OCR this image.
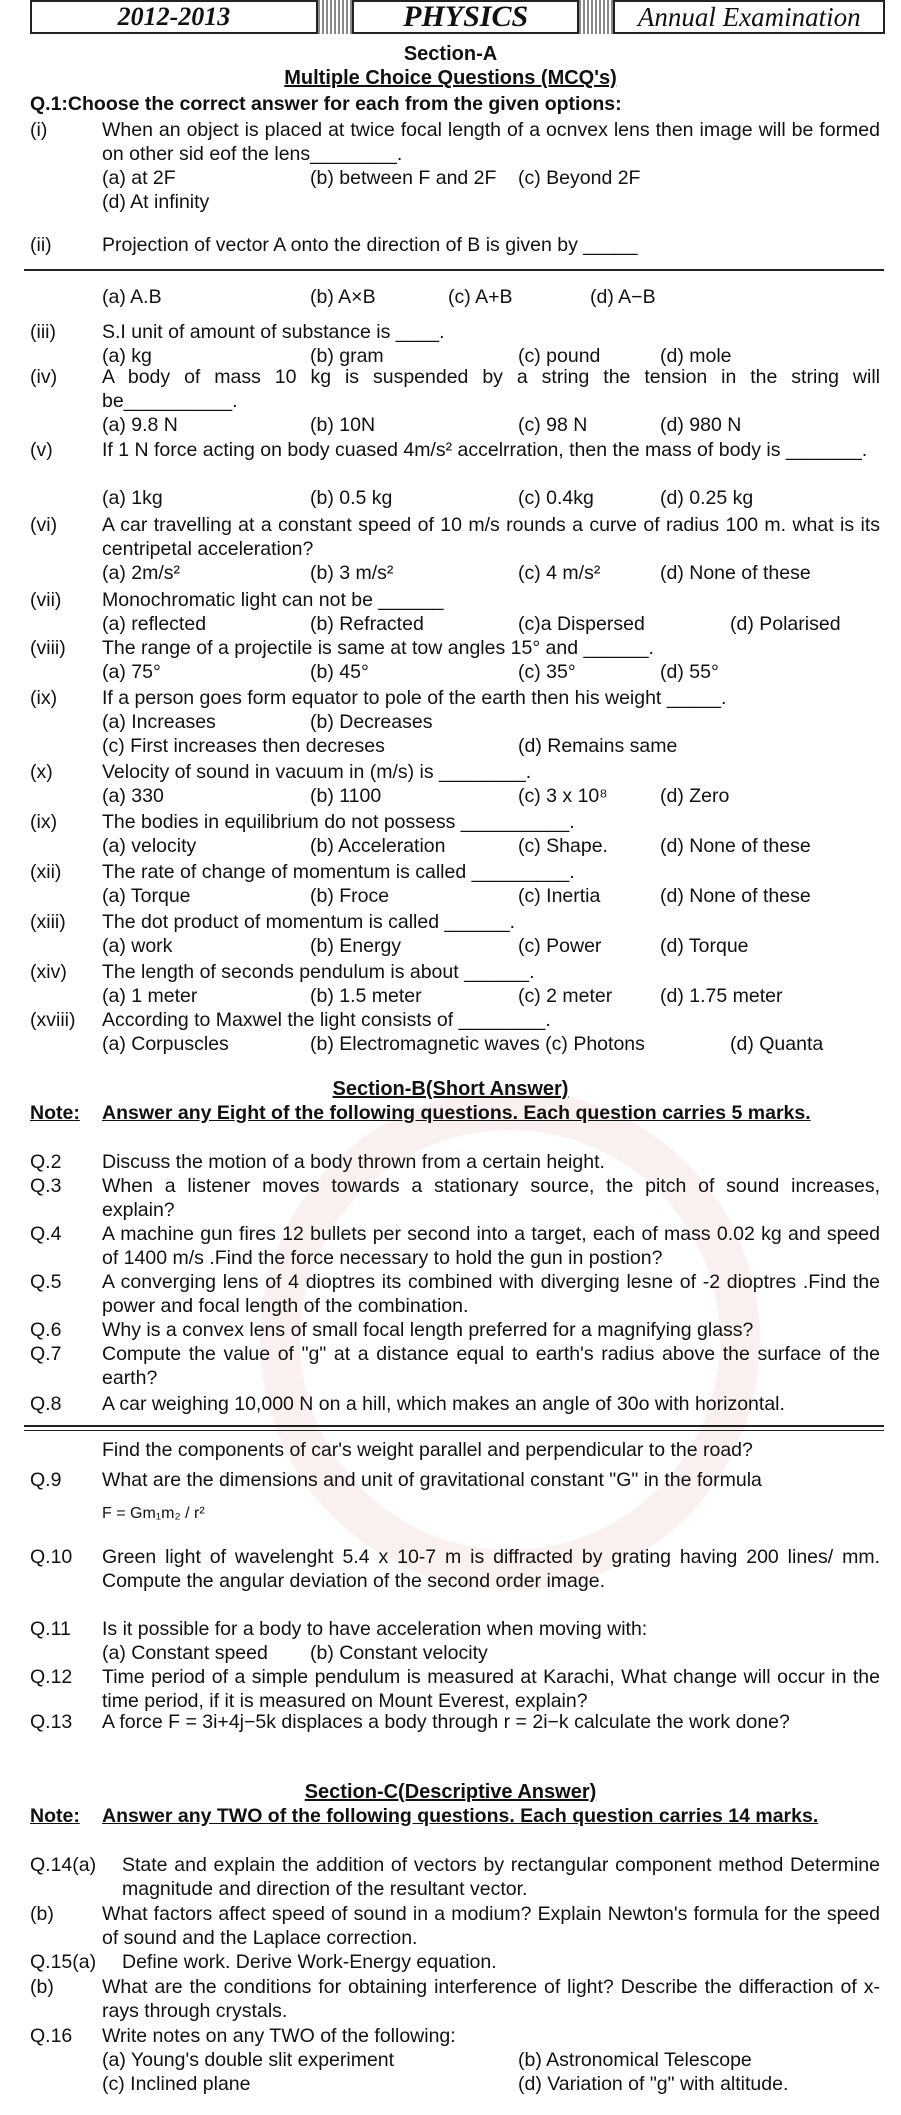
2012-2013	PHYSICS	Annual Examination
Section-A
Multiple Choice Questions (MCQ's)
Q.1:Choose the correct answer for each from the given options:
(i)	When an object is placed at twice focal length of a ocnvex lens then image will be formed on other sid eof the lens________.
(a) at 2F	(b) between F and 2F (c) Beyond 2F
(d) At infinity
(ii)	Projection of vector A onto the direction of B is given by _____
(a) A.B	(b) A×B	(c) A+B	(d) A−B
(iii) S.I unit of amount of substance is ____.
(a) kg	(b) gram	(c) pound	(d) mole
(iv) A body of mass 10 kg is suspended by a string the tension in the string will be__________.
(a) 9.8 N	(b) 10N	(c) 98 N	(d) 980 N
(v)	If 1 N force acting on body cuased 4m/s² accelrration, then the mass of body is _______.
(a) 1kg	(b) 0.5 kg	(c) 0.4kg	(d) 0.25 kg
(vi) A car travelling at a constant speed of 10 m/s rounds a curve of radius 100 m. what is its centripetal acceleration?
(a) 2m/s²	(b) 3 m/s²	(c) 4 m/s²	(d) None of these
(vii) Monochromatic light can not be ______
(a) reflected	(b) Refracted	(c)a Dispersed	(d) Polarised
(viii) The range of a projectile is same at tow angles 15° and ______.
(a) 75°	(b) 45°	(c) 35°	(d) 55°
(ix) If a person goes form equator to pole of the earth then his weight _____.
(a) Increases	(b) Decreases
(c) First increases then decreses	(d) Remains same
(x)	Velocity of sound in vacuum in (m/s) is ________.
(a) 330	(b) 1100	(c) 3 x 10⁸	(d) Zero
(ix) The bodies in equilibrium do not possess __________.
(a) velocity	(b) Acceleration	(c) Shape.	(d) None of these
(xii) The rate of change of momentum is called _________.
(a) Torque	(b) Froce	(c) Inertia	(d) None of these
(xiii) The dot product of momentum is called ______.
(a) work	(b) Energy	(c) Power	(d) Torque
(xiv) The length of seconds pendulum is about ______.
(a) 1 meter	(b) 1.5 meter	(c) 2 meter (d) 1.75 meter
(xviii) According to Maxwel the light consists of ________.
(a) Corpuscles	(b) Electromagnetic waves (c) Photons	(d) Quanta
Section-B(Short Answer)
Note: Answer any Eight of the following questions. Each question carries 5 marks.
Q.2 Discuss the motion of a body thrown from a certain height.
Q.3 When a listener moves towards a stationary source, the pitch of sound increases, explain?
Q.4 A machine gun fires 12 bullets per second into a target, each of mass 0.02 kg and speed of 1400 m/s .Find the force necessary to hold the gun in postion?
Q.5 A converging lens of 4 dioptres its combined with diverging lesne of -2 dioptres .Find the power and focal length of the combination.
Q.6 Why is a convex lens of small focal length preferred for a magnifying glass?
Q.7 Compute the value of "g" at a distance equal to earth's radius above the surface of the earth?
Q.8 A car weighing 10,000 N on a hill, which makes an angle of 30o with horizontal.
Find the components of car's weight parallel and perpendicular to the road?
Q.9 What are the dimensions and unit of gravitational constant "G" in the formula
F = Gm₁m₂ / r²
Q.10 Green light of wavelenght 5.4 x 10-7 m is diffracted by grating having 200 lines/ mm. Compute the angular deviation of the second order image.
Q.11 Is it possible for a body to have acceleration when moving with:
(a) Constant speed (b) Constant velocity
Q.12 Time period of a simple pendulum is measured at Karachi, What change will occur in the time period, if it is measured on Mount Everest, explain?
Q.13 A force F = 3i+4j−5k displaces a body through r = 2i−k calculate the work done?
Section-C(Descriptive Answer)
Note: Answer any TWO of the following questions. Each question carries 14 marks.
Q.14(a) State and explain the addition of vectors by rectangular component method Determine magnitude and direction of the resultant vector.
(b) What factors affect speed of sound in a modium? Explain Newton's formula for the speed of sound and the Laplace correction.
Q.15(a) Define work. Derive Work-Energy equation.
(b) What are the conditions for obtaining interference of light? Describe the differaction of x-rays through crystals.
Q.16 Write notes on any TWO of the following:
(a) Young's double slit experiment	(b) Astronomical Telescope
(c) Inclined plane	(d) Variation of "g" with altitude.
